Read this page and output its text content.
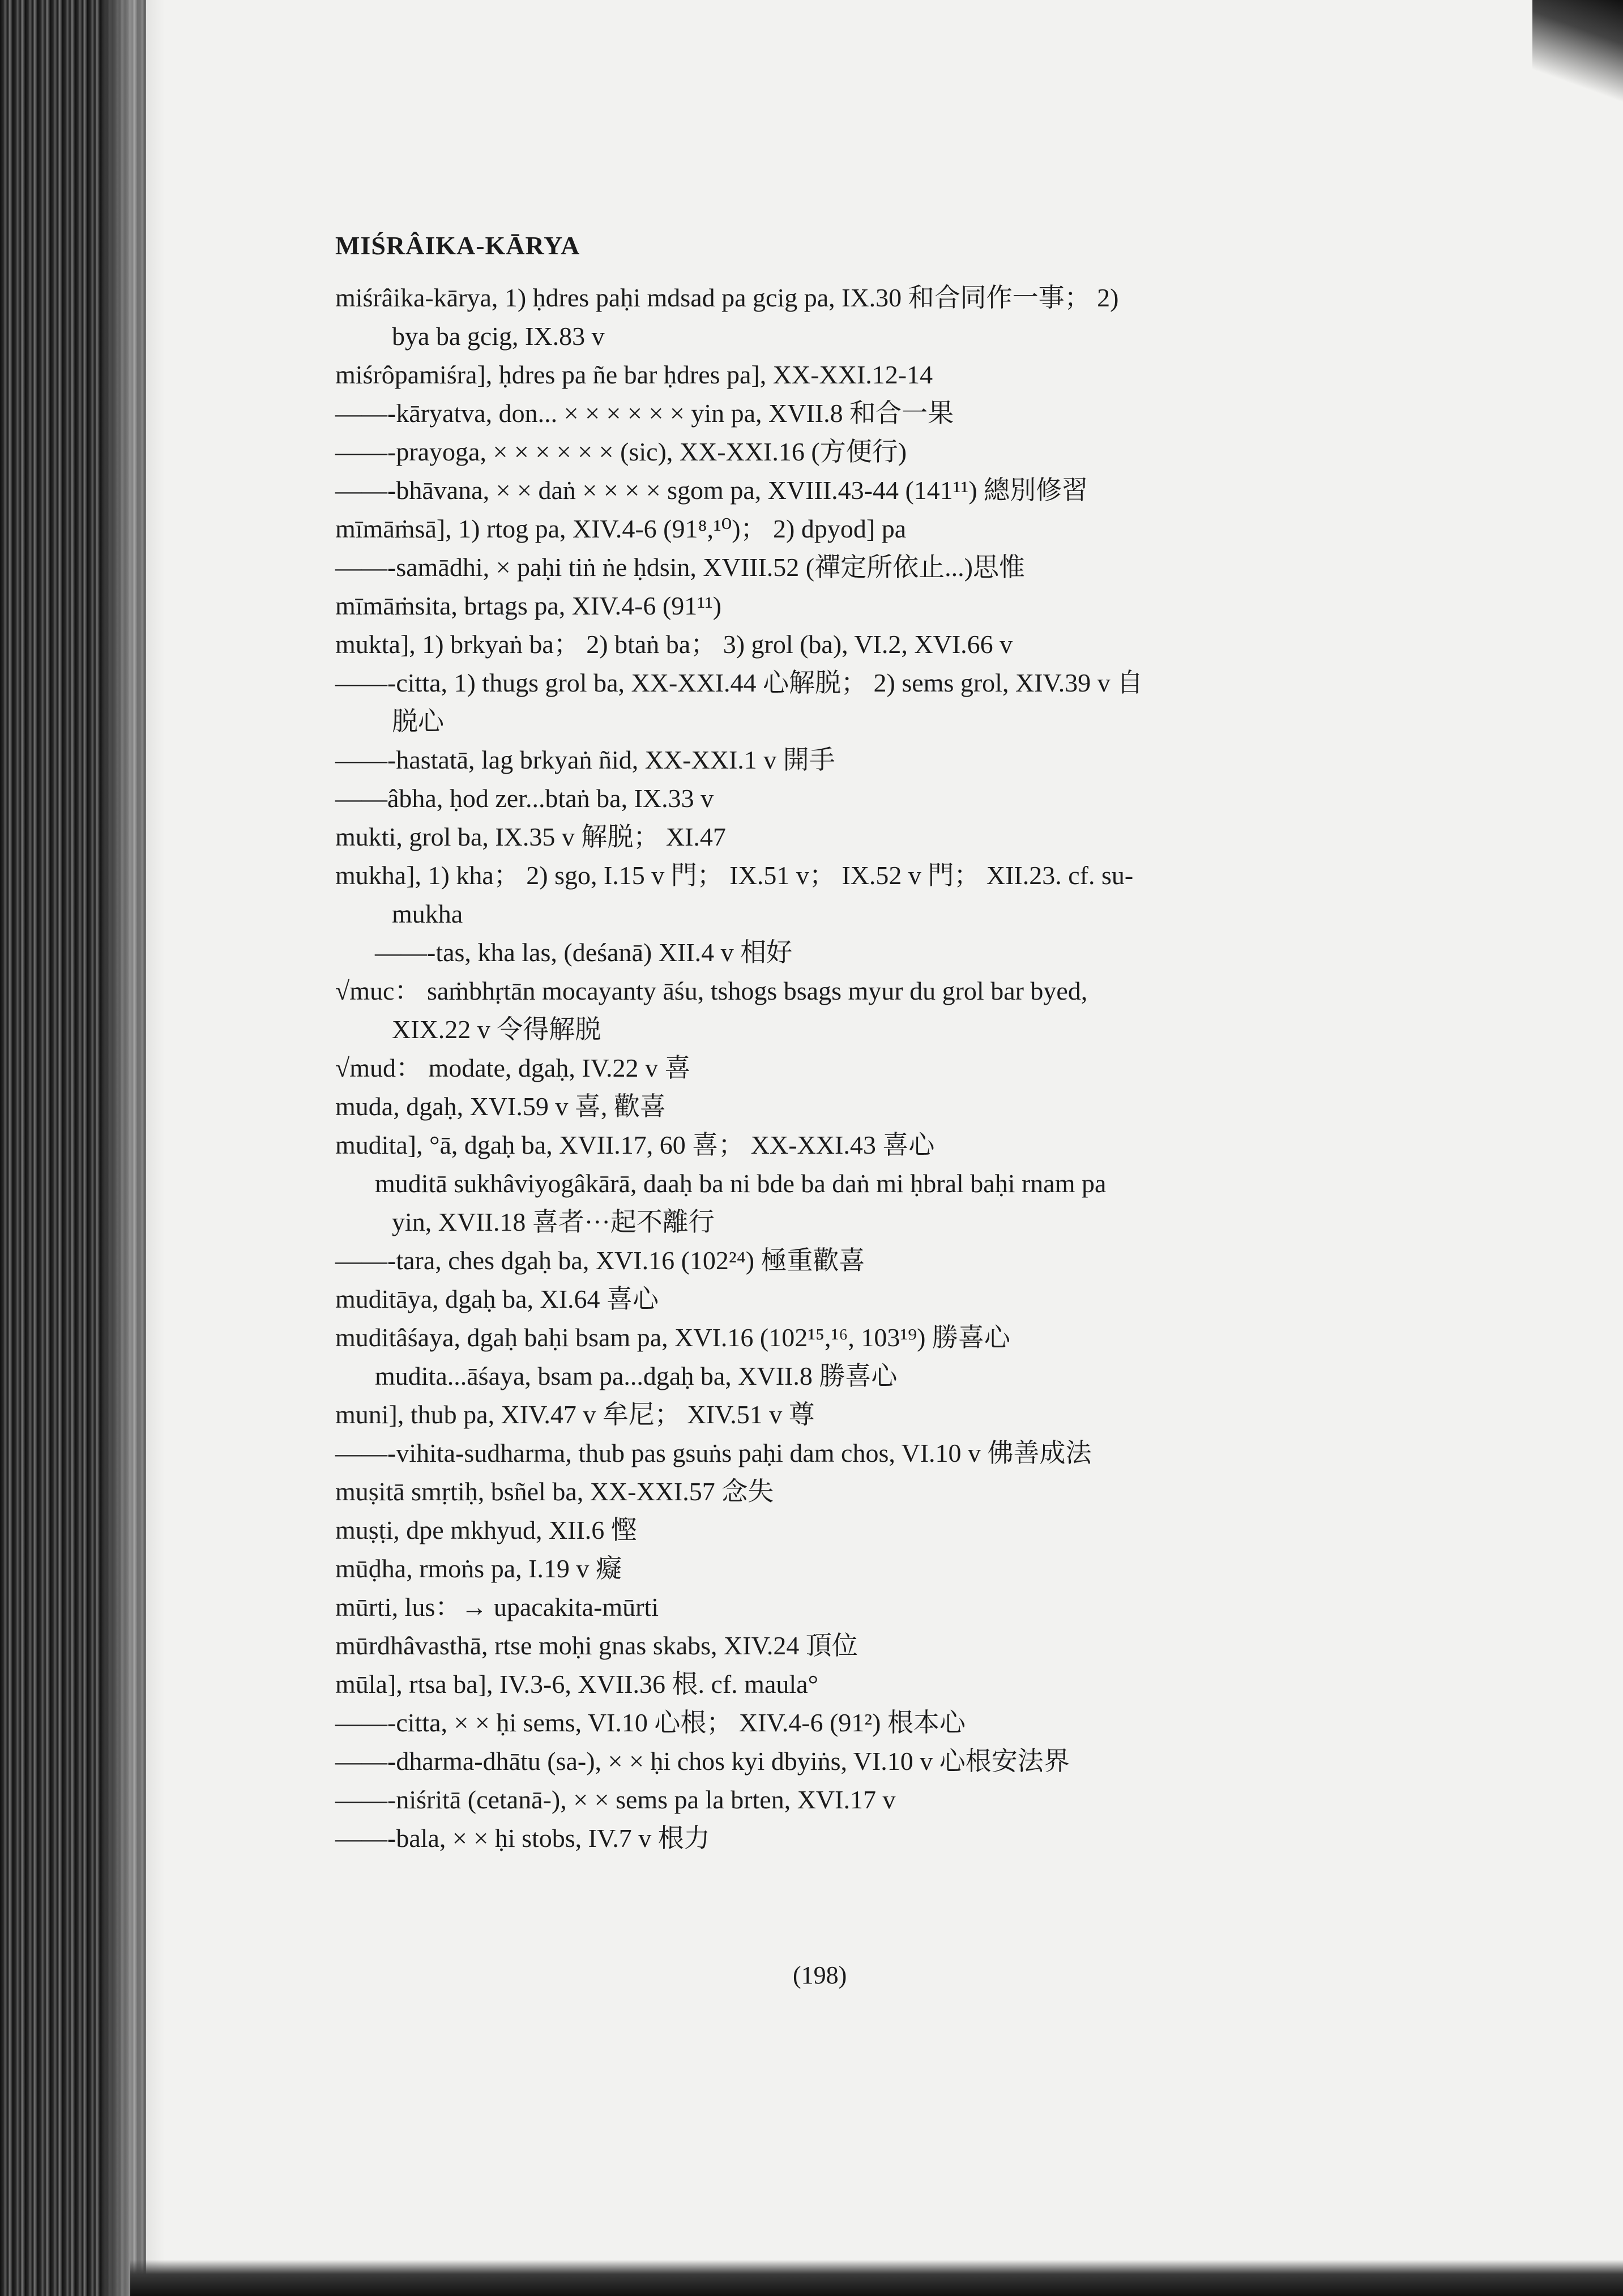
MIŚRÂIKA-KĀRYA
miśrâika-kārya, 1) ḥdres paḥi mdsad pa gcig pa, IX.30 和合同作一事； 2)
bya ba gcig, IX.83 v
miśrôpamiśra], ḥdres pa ñe bar ḥdres pa], XX-XXI.12-14
——-kāryatva, don... × × × × × × yin pa, XVII.8 和合一果
——-prayoga, × × × × × × (sic), XX-XXI.16 (方便行)
——-bhāvana, × × daṅ × × × × sgom pa, XVIII.43-44 (141¹¹) 總別修習
mīmāṁsā], 1) rtog pa, XIV.4-6 (91⁸,¹⁰)； 2) dpyod] pa
——-samādhi, × paḥi tiṅ ṅe ḥdsin, XVIII.52 (禪定所依止...)思惟
mīmāṁsita, brtags pa, XIV.4-6 (91¹¹)
mukta], 1) brkyaṅ ba； 2) btaṅ ba； 3) grol (ba), VI.2, XVI.66 v
——-citta, 1) thugs grol ba, XX-XXI.44 心解脱； 2) sems grol, XIV.39 v 自
脱心
——-hastatā, lag brkyaṅ ñid, XX-XXI.1 v 開手
——âbha, ḥod zer...btaṅ ba, IX.33 v
mukti, grol ba, IX.35 v 解脱； XI.47
mukha], 1) kha； 2) sgo, I.15 v 門； IX.51 v； IX.52 v 門； XII.23. cf. su-
mukha
——-tas, kha las, (deśanā) XII.4 v 相好
√muc： saṁbhṛtān mocayanty āśu, tshogs bsags myur du grol bar byed,
XIX.22 v 令得解脱
√mud： modate, dgaḥ, IV.22 v 喜
muda, dgaḥ, XVI.59 v 喜, 歡喜
mudita], °ā, dgaḥ ba, XVII.17, 60 喜； XX-XXI.43 喜心
muditā sukhâviyogâkārā, daaḥ ba ni bde ba daṅ mi ḥbral baḥi rnam pa
yin, XVII.18 喜者···起不離行
——-tara, ches dgaḥ ba, XVI.16 (102²⁴) 極重歡喜
muditāya, dgaḥ ba, XI.64 喜心
muditâśaya, dgaḥ baḥi bsam pa, XVI.16 (102¹⁵,¹⁶, 103¹⁹) 勝喜心
mudita...āśaya, bsam pa...dgaḥ ba, XVII.8 勝喜心
muni], thub pa, XIV.47 v 牟尼； XIV.51 v 尊
——-vihita-sudharma, thub pas gsuṅs paḥi dam chos, VI.10 v 佛善成法
muṣitā smṛtiḥ, bsñel ba, XX-XXI.57 念失
muṣṭi, dpe mkhyud, XII.6 慳
mūḍha, rmoṅs pa, I.19 v 癡
mūrti, lus：→ upacakita-mūrti
mūrdhâvasthā, rtse moḥi gnas skabs, XIV.24 頂位
mūla], rtsa ba], IV.3-6, XVII.36 根. cf. maula°
——-citta, × × ḥi sems, VI.10 心根； XIV.4-6 (91²) 根本心
——-dharma-dhātu (sa-), × × ḥi chos kyi dbyiṅs, VI.10 v 心根安法界
——-niśritā (cetanā-), × × sems pa la brten, XVI.17 v
——-bala, × × ḥi stobs, IV.7 v 根力
(198)
